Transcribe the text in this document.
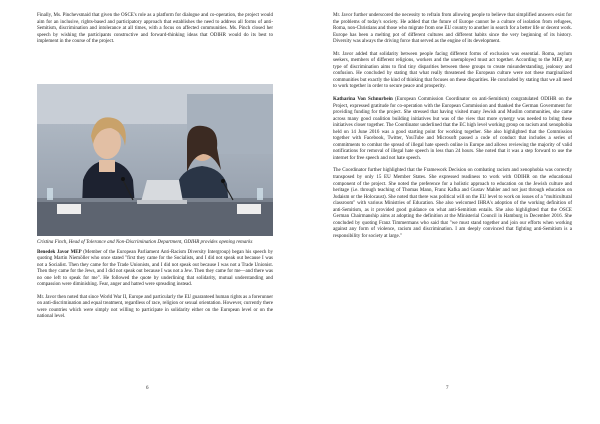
Finally, Ms. Pinchevsmaid that given the OSCE's role as a platform for dialogue and co-operation, the project would aim for an inclusive, rights-based and participatory approach that establishes the need to address all forms of anti-Semitism, discrimination and intolerance at all times, with a focus on affected communities. Ms. Pinch closed her speech by wishing the participants constructive and forward-thinking ideas that ODIHR would do its best to implement in the course of the project.

Cristina Finch, Head of Tolerance and Non-Discrimination Department, ODIHR provides opening remarks

Benedek Javor MEP (Member of the European Parliament Anti-Racism Diversity Intergroup) began his speech by quoting Martin Niemöller who once stated "first they came for the Socialists, and I did not speak out because I was not a Socialist. Then they came for the Trade Unionists, and I did not speak out because I was not a Trade Unionist. Then they came for the Jews, and I did not speak out because I was not a Jew. Then they came for me—and there was no one left to speak for me". He followed the quote by underlining that solidarity, mutual understanding and compassion were diminishing. Fear, anger and hatred were spreading instead.

Mr. Javor then noted that since World War II, Europe and particularly the EU guaranteed human rights as a forerunner on anti-discrimination and equal treatment, regardless of race, religion or sexual orientation. However, currently there were countries which were simply not willing to participate in solidarity either on the European level or on the national level.

6

Mr. Javor further underscored the necessity to refrain from allowing people to believe that simplified answers exist for the problems of today's society. He added that the future of Europe cannot be a culture of isolation from refugees, Roma, non-Christians and those who migrate from one EU country to another in search for a better life or decent work. Europe has been a melting pot of different cultures and different habits since the very beginning of its history. Diversity was always the driving force that served as the engine of its development.

Mr. Javor added that solidarity between people facing different forms of exclusion was essential. Roma, asylum seekers, members of different religions, workers and the unemployed must act together. According to the MEP, any type of discrimination aims to find tiny disparities between these groups to create misunderstanding, jealousy and confusion. He concluded by stating that what really threatened the European culture were not these marginalized communities but exactly the kind of thinking that focuses on these disparities. He concluded by stating that we all need to work together in order to secure peace and prosperity.

Katharina Von Schnurbein (European Commission Coordinator on anti-Semitism) congratulated ODIHR on the Project, expressed gratitude for co-operation with the European Commission and thanked the German Government for providing funding for the project. She stressed that having visited many Jewish and Muslim communities, she came across many good coalition building initiatives but was of the view that more synergy was needed to bring these initiatives closer together. The Coordinator underlined that the EC high level working group on racism and xenophobia held on 14 June 2016 was a good starting point for working together. She also highlighted that the Commission together with Facebook, Twitter, YouTube and Microsoft passed a code of conduct that includes a series of commitments to combat the spread of illegal hate speech online in Europe and allows reviewing the majority of valid notifications for removal of illegal hate speech in less than 24 hours. She noted that it was a step forward to use the internet for free speech and not hate speech.

The Coordinator further highlighted that the Framework Decision on combating racism and xenophobia was correctly transposed by only 15 EU Member States. She expressed readiness to work with ODIHR on the educational component of the project. She noted the preference for a holistic approach to education on the Jewish culture and heritage (i.e. through teaching of Thomas Mann, Franz Kafka and Gustav Mahler and not just through education on Judaism or the Holocaust). She noted that there was political will on the EU level to work on issues of a "multicultural classroom" with various Ministries of Education. She also welcomed IHRA's adoption of the working definition of anti-Semitism, as it provided good guidance on what anti-Semitism entails. She also highlighted that the OSCE German Chairmanship aims at adopting the definition at the Ministerial Council in Hamburg in December 2016. She concluded by quoting Franz Timmermans who said that "we must stand together and join our efforts when working against any form of violence, racism and discrimination. I am deeply convinced that fighting anti-Semitism is a responsibility for society at large."

7
